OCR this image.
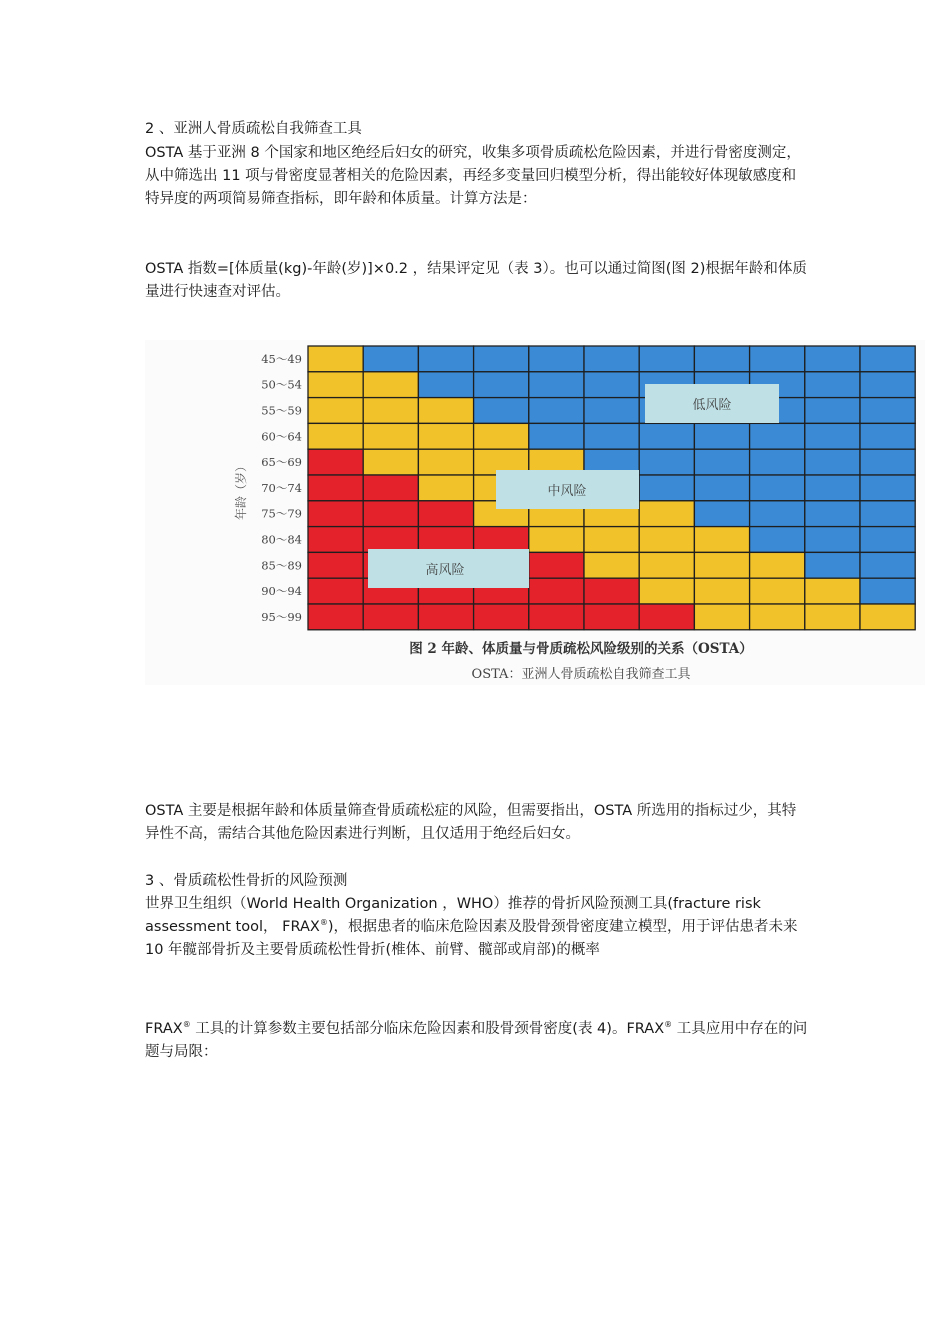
2 、亚洲人骨质疏松自我筛查工具

OSTA 基于亚洲 8 个国家和地区绝经后妇女的研究，收集多项骨质疏松危险因素，并进行骨密度测定，从中筛选出 11 项与骨密度显著相关的危险因素，再经多变量回归模型分析，得出能较好体现敏感度和特异度的两项简易筛查指标，即年龄和体质量。计算方法是：

OSTA 指数=[体质量(kg)-年龄(岁)]×0.2 ，结果评定见（表 3）。也可以通过简图(图 2)根据年龄和体质量进行快速查对评估。

年龄（岁）
45～49
50～54
55～59
60～64
65～69
70～74
75～79
80～84
85～89
90～94
95～99
低风险
中风险
高风险
图 2 年龄、体质量与骨质疏松风险级别的关系（OSTA）
OSTA：亚洲人骨质疏松自我筛查工具

OSTA 主要是根据年龄和体质量筛查骨质疏松症的风险，但需要指出，OSTA 所选用的指标过少，其特异性不高，需结合其他危险因素进行判断，且仅适用于绝经后妇女。

3 、骨质疏松性骨折的风险预测

世界卫生组织（World Health Organization ，WHO）推荐的骨折风险预测工具(fracture risk assessment tool， FRAX®)，根据患者的临床危险因素及股骨颈骨密度建立模型，用于评估患者未来 10 年髋部骨折及主要骨质疏松性骨折(椎体、前臂、髋部或肩部)的概率

FRAX® 工具的计算参数主要包括部分临床危险因素和股骨颈骨密度(表 4)。FRAX® 工具应用中存在的问题与局限：
